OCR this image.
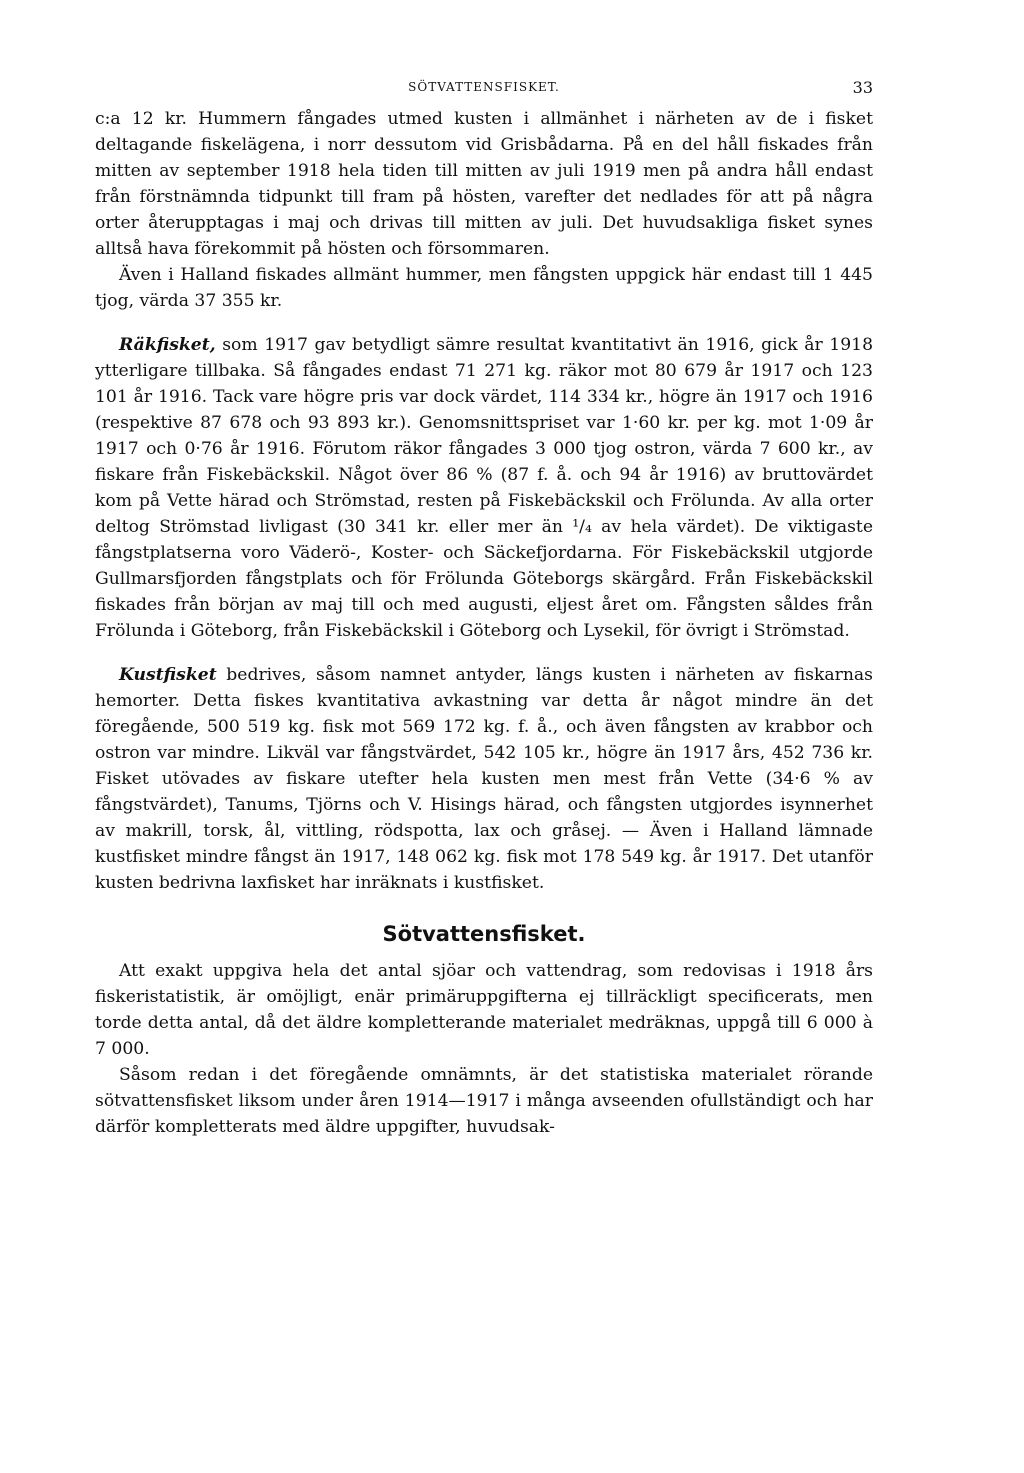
SÖTVATTENSFISKET.	33

c:a 12 kr. Hummern fångades utmed kusten i allmänhet i närheten av de i fisket deltagande fiskelägena, i norr dessutom vid Grisbådarna. På en del håll fiskades från mitten av september 1918 hela tiden till mitten av juli 1919 men på andra håll endast från förstnämnda tidpunkt till fram på hösten, varefter det nedlades för att på några orter återupptagas i maj och drivas till mitten av juli. Det huvudsakliga fisket synes alltså hava förekommit på hösten och försommaren.

Även i Halland fiskades allmänt hummer, men fångsten uppgick här endast till 1 445 tjog, värda 37 355 kr.

Räkfisket, som 1917 gav betydligt sämre resultat kvantitativt än 1916, gick år 1918 ytterligare tillbaka. Så fångades endast 71 271 kg. räkor mot 80 679 år 1917 och 123 101 år 1916. Tack vare högre pris var dock värdet, 114 334 kr., högre än 1917 och 1916 (respektive 87 678 och 93 893 kr.). Genomsnittspriset var 1·60 kr. per kg. mot 1·09 år 1917 och 0·76 år 1916. Förutom räkor fångades 3 000 tjog ostron, värda 7 600 kr., av fiskare från Fiskebäckskil. Något över 86 % (87 f. å. och 94 år 1916) av bruttovärdet kom på Vette härad och Strömstad, resten på Fiskebäckskil och Frölunda. Av alla orter deltog Strömstad livligast (30 341 kr. eller mer än ¹/₄ av hela värdet). De viktigaste fångstplatserna voro Väderö-, Koster- och Säckefjordarna. För Fiskebäckskil utgjorde Gullmarsfjorden fångstplats och för Frölunda Göteborgs skärgård. Från Fiskebäckskil fiskades från början av maj till och med augusti, eljest året om. Fångsten såldes från Frölunda i Göteborg, från Fiskebäckskil i Göteborg och Lysekil, för övrigt i Strömstad.

Kustfisket bedrives, såsom namnet antyder, längs kusten i närheten av fiskarnas hemorter. Detta fiskes kvantitativa avkastning var detta år något mindre än det föregående, 500 519 kg. fisk mot 569 172 kg. f. å., och även fångsten av krabbor och ostron var mindre. Likväl var fångstvärdet, 542 105 kr., högre än 1917 års, 452 736 kr. Fisket utövades av fiskare utefter hela kusten men mest från Vette (34·6 % av fångstvärdet), Tanums, Tjörns och V. Hisings härad, och fångsten utgjordes isynnerhet av makrill, torsk, ål, vittling, rödspotta, lax och gråsej. — Även i Halland lämnade kustfisket mindre fångst än 1917, 148 062 kg. fisk mot 178 549 kg. år 1917. Det utanför kusten bedrivna laxfisket har inräknats i kustfisket.

Sötvattensfisket.

Att exakt uppgiva hela det antal sjöar och vattendrag, som redovisas i 1918 års fiskeristatistik, är omöjligt, enär primäruppgifterna ej tillräckligt specificerats, men torde detta antal, då det äldre kompletterande materialet medräknas, uppgå till 6 000 à 7 000.

Såsom redan i det föregående omnämnts, är det statistiska materialet rörande sötvattensfisket liksom under åren 1914—1917 i många avseenden ofullständigt och har därför kompletterats med äldre uppgifter, huvudsak-
